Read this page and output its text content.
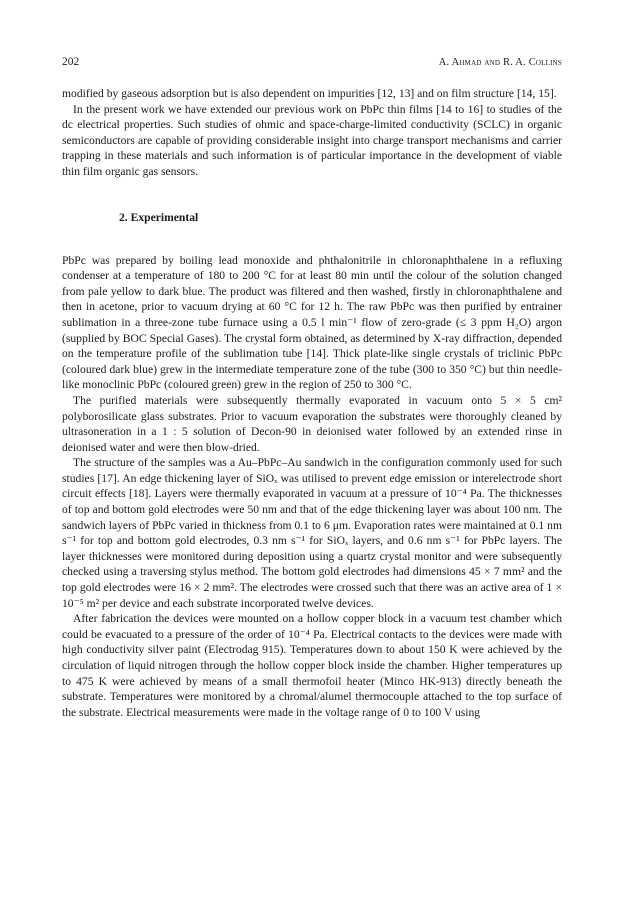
202	A. Ahmad and R. A. Collins

modified by gaseous adsorption but is also dependent on impurities [12, 13] and on film structure [14, 15].

In the present work we have extended our previous work on PbPc thin films [14 to 16] to studies of the dc electrical properties. Such studies of ohmic and space-charge-limited conductivity (SCLC) in organic semiconductors are capable of providing considerable insight into charge transport mechanisms and carrier trapping in these materials and such information is of particular importance in the development of viable thin film organic gas sensors.

2. Experimental

PbPc was prepared by boiling lead monoxide and phthalonitrile in chloronaphthalene in a refluxing condenser at a temperature of 180 to 200 °C for at least 80 min until the colour of the solution changed from pale yellow to dark blue. The product was filtered and then washed, firstly in chloronaphthalene and then in acetone, prior to vacuum drying at 60 °C for 12 h. The raw PbPc was then purified by entrainer sublimation in a three-zone tube furnace using a 0.5 l min⁻¹ flow of zero-grade (≤ 3 ppm H₂O) argon (supplied by BOC Special Gases). The crystal form obtained, as determined by X-ray diffraction, depended on the temperature profile of the sublimation tube [14]. Thick plate-like single crystals of triclinic PbPc (coloured dark blue) grew in the intermediate temperature zone of the tube (300 to 350 °C) but thin needle-like monoclinic PbPc (coloured green) grew in the region of 250 to 300 °C.

The purified materials were subsequently thermally evaporated in vacuum onto 5 × 5 cm² polyborosilicate glass substrates. Prior to vacuum evaporation the substrates were thoroughly cleaned by ultrasoneration in a 1 : 5 solution of Decon-90 in deionised water followed by an extended rinse in deionised water and were then blow-dried.

The structure of the samples was a Au–PbPc–Au sandwich in the configuration commonly used for such studies [17]. An edge thickening layer of SiOₓ was utilised to prevent edge emission or interelectrode short circuit effects [18]. Layers were thermally evaporated in vacuum at a pressure of 10⁻⁴ Pa. The thicknesses of top and bottom gold electrodes were 50 nm and that of the edge thickening layer was about 100 nm. The sandwich layers of PbPc varied in thickness from 0.1 to 6 μm. Evaporation rates were maintained at 0.1 nm s⁻¹ for top and bottom gold electrodes, 0.3 nm s⁻¹ for SiOₓ layers, and 0.6 nm s⁻¹ for PbPc layers. The layer thicknesses were monitored during deposition using a quartz crystal monitor and were subsequently checked using a traversing stylus method. The bottom gold electrodes had dimensions 45 × 7 mm² and the top gold electrodes were 16 × 2 mm². The electrodes were crossed such that there was an active area of 1 × 10⁻⁵ m² per device and each substrate incorporated twelve devices.

After fabrication the devices were mounted on a hollow copper block in a vacuum test chamber which could be evacuated to a pressure of the order of 10⁻⁴ Pa. Electrical contacts to the devices were made with high conductivity silver paint (Electrodag 915). Temperatures down to about 150 K were achieved by the circulation of liquid nitrogen through the hollow copper block inside the chamber. Higher temperatures up to 475 K were achieved by means of a small thermofoil heater (Minco HK-913) directly beneath the substrate. Temperatures were monitored by a chromal/alumel thermocouple attached to the top surface of the substrate. Electrical measurements were made in the voltage range of 0 to 100 V using
